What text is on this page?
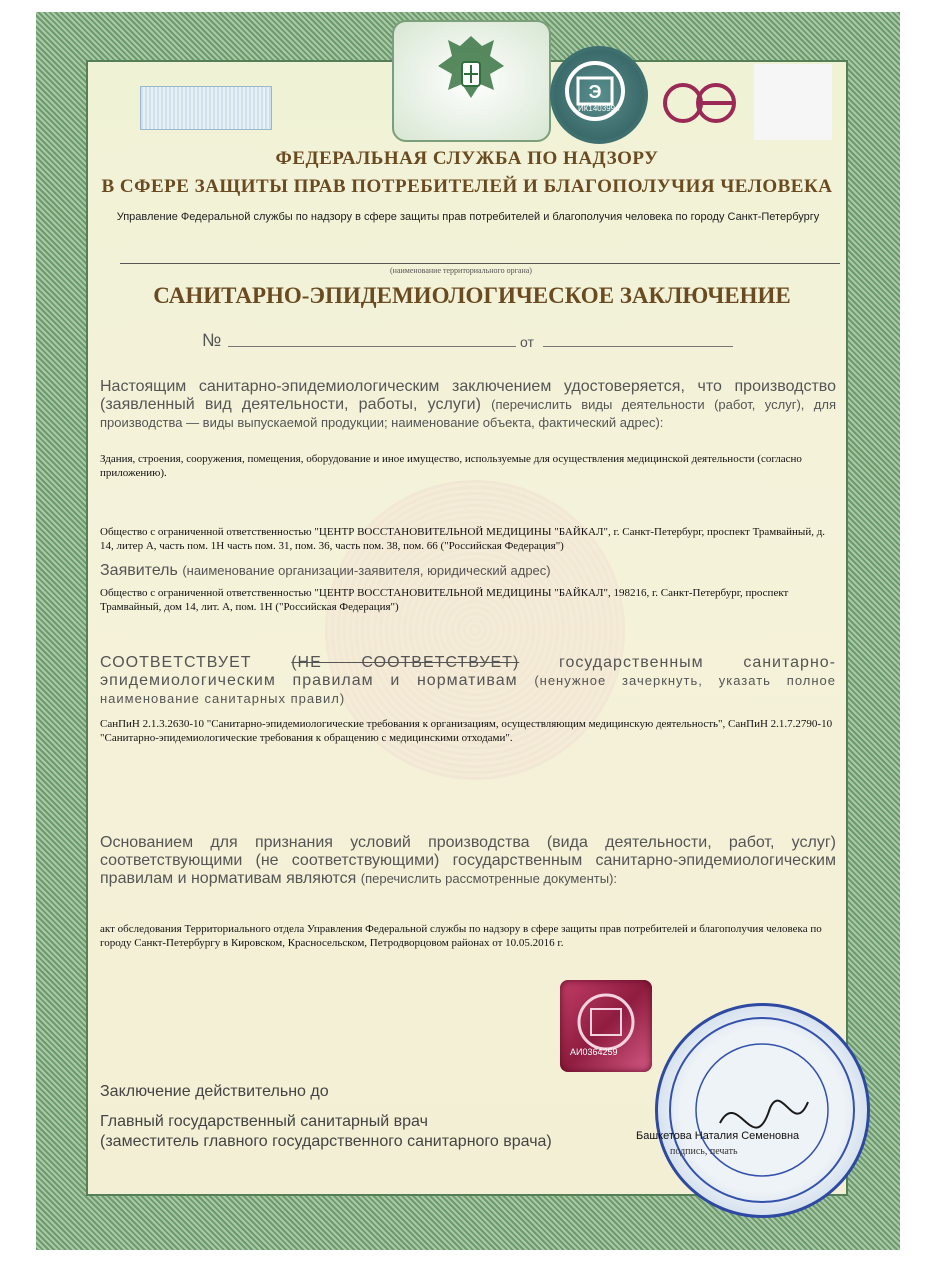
Э
ИК1403994
ФЕДЕРАЛЬНАЯ СЛУЖБА ПО НАДЗОРУ
В СФЕРЕ ЗАЩИТЫ ПРАВ ПОТРЕБИТЕЛЕЙ И БЛАГОПОЛУЧИЯ ЧЕЛОВЕКА
Управление Федеральной службы по надзору в сфере защиты прав потребителей и благополучия человека по городу Санкт-Петербургу
(наименование территориального органа)
САНИТАРНО-ЭПИДЕМИОЛОГИЧЕСКОЕ ЗАКЛЮЧЕНИЕ
№	от
Настоящим санитарно-эпидемиологическим заключением удостоверяется, что производство (заявленный вид деятельности, работы, услуги) (перечислить виды деятельности (работ, услуг), для производства — виды выпускаемой продукции; наименование объекта, фактический адрес):
Здания, строения, сооружения, помещения, оборудование и иное имущество, используемые для осуществления медицинской деятельности (согласно приложению).
Общество с ограниченной ответственностью "ЦЕНТР ВОССТАНОВИТЕЛЬНОЙ МЕДИЦИНЫ "БАЙКАЛ", г. Санкт-Петербург, проспект Трамвайный, д. 14, литер А, часть пом. 1Н часть пом. 31, пом. 36, часть пом. 38, пом. 66 ("Российская Федерация")
Заявитель (наименование организации-заявителя, юридический адрес)
Общество с ограниченной ответственностью "ЦЕНТР ВОССТАНОВИТЕЛЬНОЙ МЕДИЦИНЫ "БАЙКАЛ", 198216, г. Санкт-Петербург, проспект Трамвайный, дом 14, лит. А, пом. 1Н ("Российская Федерация")
СООТВЕТСТВУЕТ (НЕ СООТВЕТСТВУЕТ) государственным санитарно-эпидемиологическим правилам и нормативам (ненужное зачеркнуть, указать полное наименование санитарных правил)
СанПиН 2.1.3.2630-10 "Санитарно-эпидемиологические требования к организациям, осуществляющим медицинскую деятельность", СанПиН 2.1.7.2790-10 "Санитарно-эпидемиологические требования к обращению с медицинскими отходами".
Основанием для признания условий производства (вида деятельности, работ, услуг) соответствующими (не соответствующими) государственным санитарно-эпидемиологическим правилам и нормативам являются (перечислить рассмотренные документы):
акт обследования Территориального отдела Управления Федеральной службы по надзору в сфере защиты прав потребителей и благополучия человека по городу Санкт-Петербургу в Кировском, Красносельском, Петродворцовом районах от 10.05.2016 г.
АИ0364259
Заключение действительно до
Главный государственный санитарный врач
(заместитель главного государственного санитарного врача)	Башкетова Наталия Семеновна
подпись, печать
